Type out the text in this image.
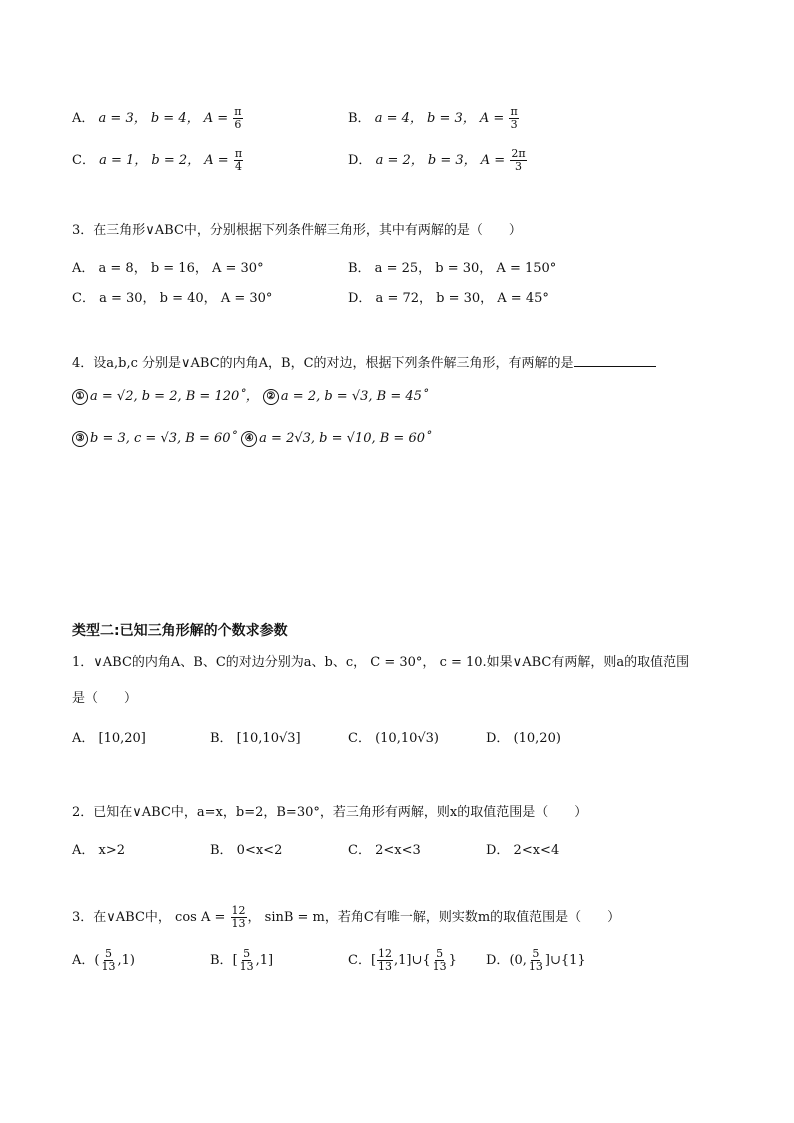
A． a = 3， b = 4， $A = \frac{\pi}{6}$	B． a = 4， b = 3， $A = \frac{\pi}{3}$
C． a = 1， b = 2， $A = \frac{\pi}{4}$	D． a = 2， b = 3， $A = \frac{2\pi}{3}$
3．在三角形∨ABC中，分别根据下列条件解三角形，其中有两解的是（　　）
A． a = 8， b = 16， A = 30°	B． a = 25， b = 30， A = 150°
C． a = 30， b = 40， A = 30°	D． a = 72， b = 30， A = 45°
4．设a,b,c 分别是∨ABC的内角A，B，C的对边，根据下列条件解三角形，有两解的是
① a = √2, b = 2, B = 120˚， ② a = 2, b = √3, B = 45˚
③ b = 3, c = √3, B = 60˚ ④ a = 2√3, b = √10, B = 60˚
类型二:已知三角形解的个数求参数
1．∨ABC的内角A、B、C的对边分别为a、b、c， C = 30°， c = 10.如果∨ABC有两解，则a的取值范围
是（　　）
A． [10,20]	B． [10,10√3]	C． (10,10√3)	D． (10,20)
2．已知在∨ABC中，a=x，b=2，B=30°，若三角形有两解，则x的取值范围是（　　）
A． x>2	B． 0<x<2	C． 2<x<3	D． 2<x<4
3．在∨ABC中， $\cos A = \frac{12}{13}$ ， sinB = m，若角C有唯一解，则实数m的取值范围是（　　）
A．( $\frac{5}{13} ,1$)	B．[ $\frac{5}{13} ,1$]	C．[ $\frac{12}{13}$ ,1]∪{ $\frac{5}{13}$ } D．(0, $\frac{5}{13}$ ]∪{1}
